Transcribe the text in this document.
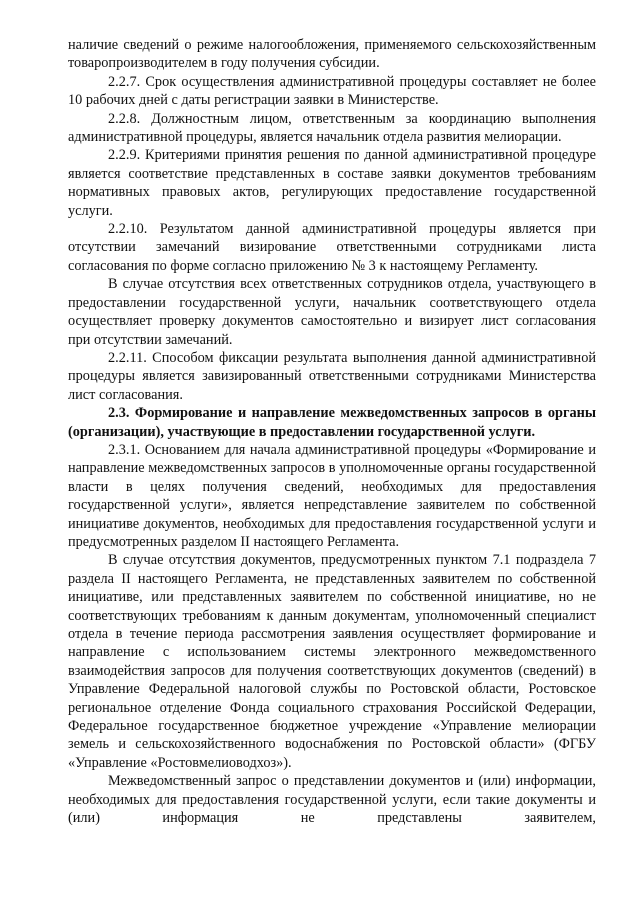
наличие сведений о режиме налогообложения, применяемого сельскохозяйственным товаропроизводителем в году получения субсидии.

2.2.7. Срок осуществления административной процедуры составляет не более 10 рабочих дней с даты регистрации заявки в Министерстве.

2.2.8. Должностным лицом, ответственным за координацию выполнения административной процедуры, является начальник отдела развития мелиорации.

2.2.9. Критериями принятия решения по данной административной процедуре является соответствие представленных в составе заявки документов требованиям нормативных правовых актов, регулирующих предоставление государственной услуги.

2.2.10. Результатом данной административной процедуры является при отсутствии замечаний визирование ответственными сотрудниками листа согласования по форме согласно приложению № 3 к настоящему Регламенту.

В случае отсутствия всех ответственных сотрудников отдела, участвующего в предоставлении государственной услуги, начальник соответствующего отдела осуществляет проверку документов самостоятельно и визирует лист согласования при отсутствии замечаний.

2.2.11. Способом фиксации результата выполнения данной административной процедуры является завизированный ответственными сотрудниками Министерства лист согласования.

2.3. Формирование и направление межведомственных запросов в органы (организации), участвующие в предоставлении государственной услуги.

2.3.1. Основанием для начала административной процедуры «Формирование и направление межведомственных запросов в уполномоченные органы государственной власти в целях получения сведений, необходимых для предоставления государственной услуги», является непредставление заявителем по собственной инициативе документов, необходимых для предоставления государственной услуги и предусмотренных разделом II настоящего Регламента.

В случае отсутствия документов, предусмотренных пунктом 7.1 подраздела 7 раздела II настоящего Регламента, не представленных заявителем по собственной инициативе, или представленных заявителем по собственной инициативе, но не соответствующих требованиям к данным документам, уполномоченный специалист отдела в течение периода рассмотрения заявления осуществляет формирование и направление с использованием системы электронного межведомственного взаимодействия запросов для получения соответствующих документов (сведений) в Управление Федеральной налоговой службы по Ростовской области, Ростовское региональное отделение Фонда социального страхования Российской Федерации, Федеральное государственное бюджетное учреждение «Управление мелиорации земель и сельскохозяйственного водоснабжения по Ростовской области» (ФГБУ «Управление «Ростовмелиоводхоз»).

Межведомственный запрос о представлении документов и (или) информации, необходимых для предоставления государственной услуги, если такие документы и (или) информация не представлены заявителем,
